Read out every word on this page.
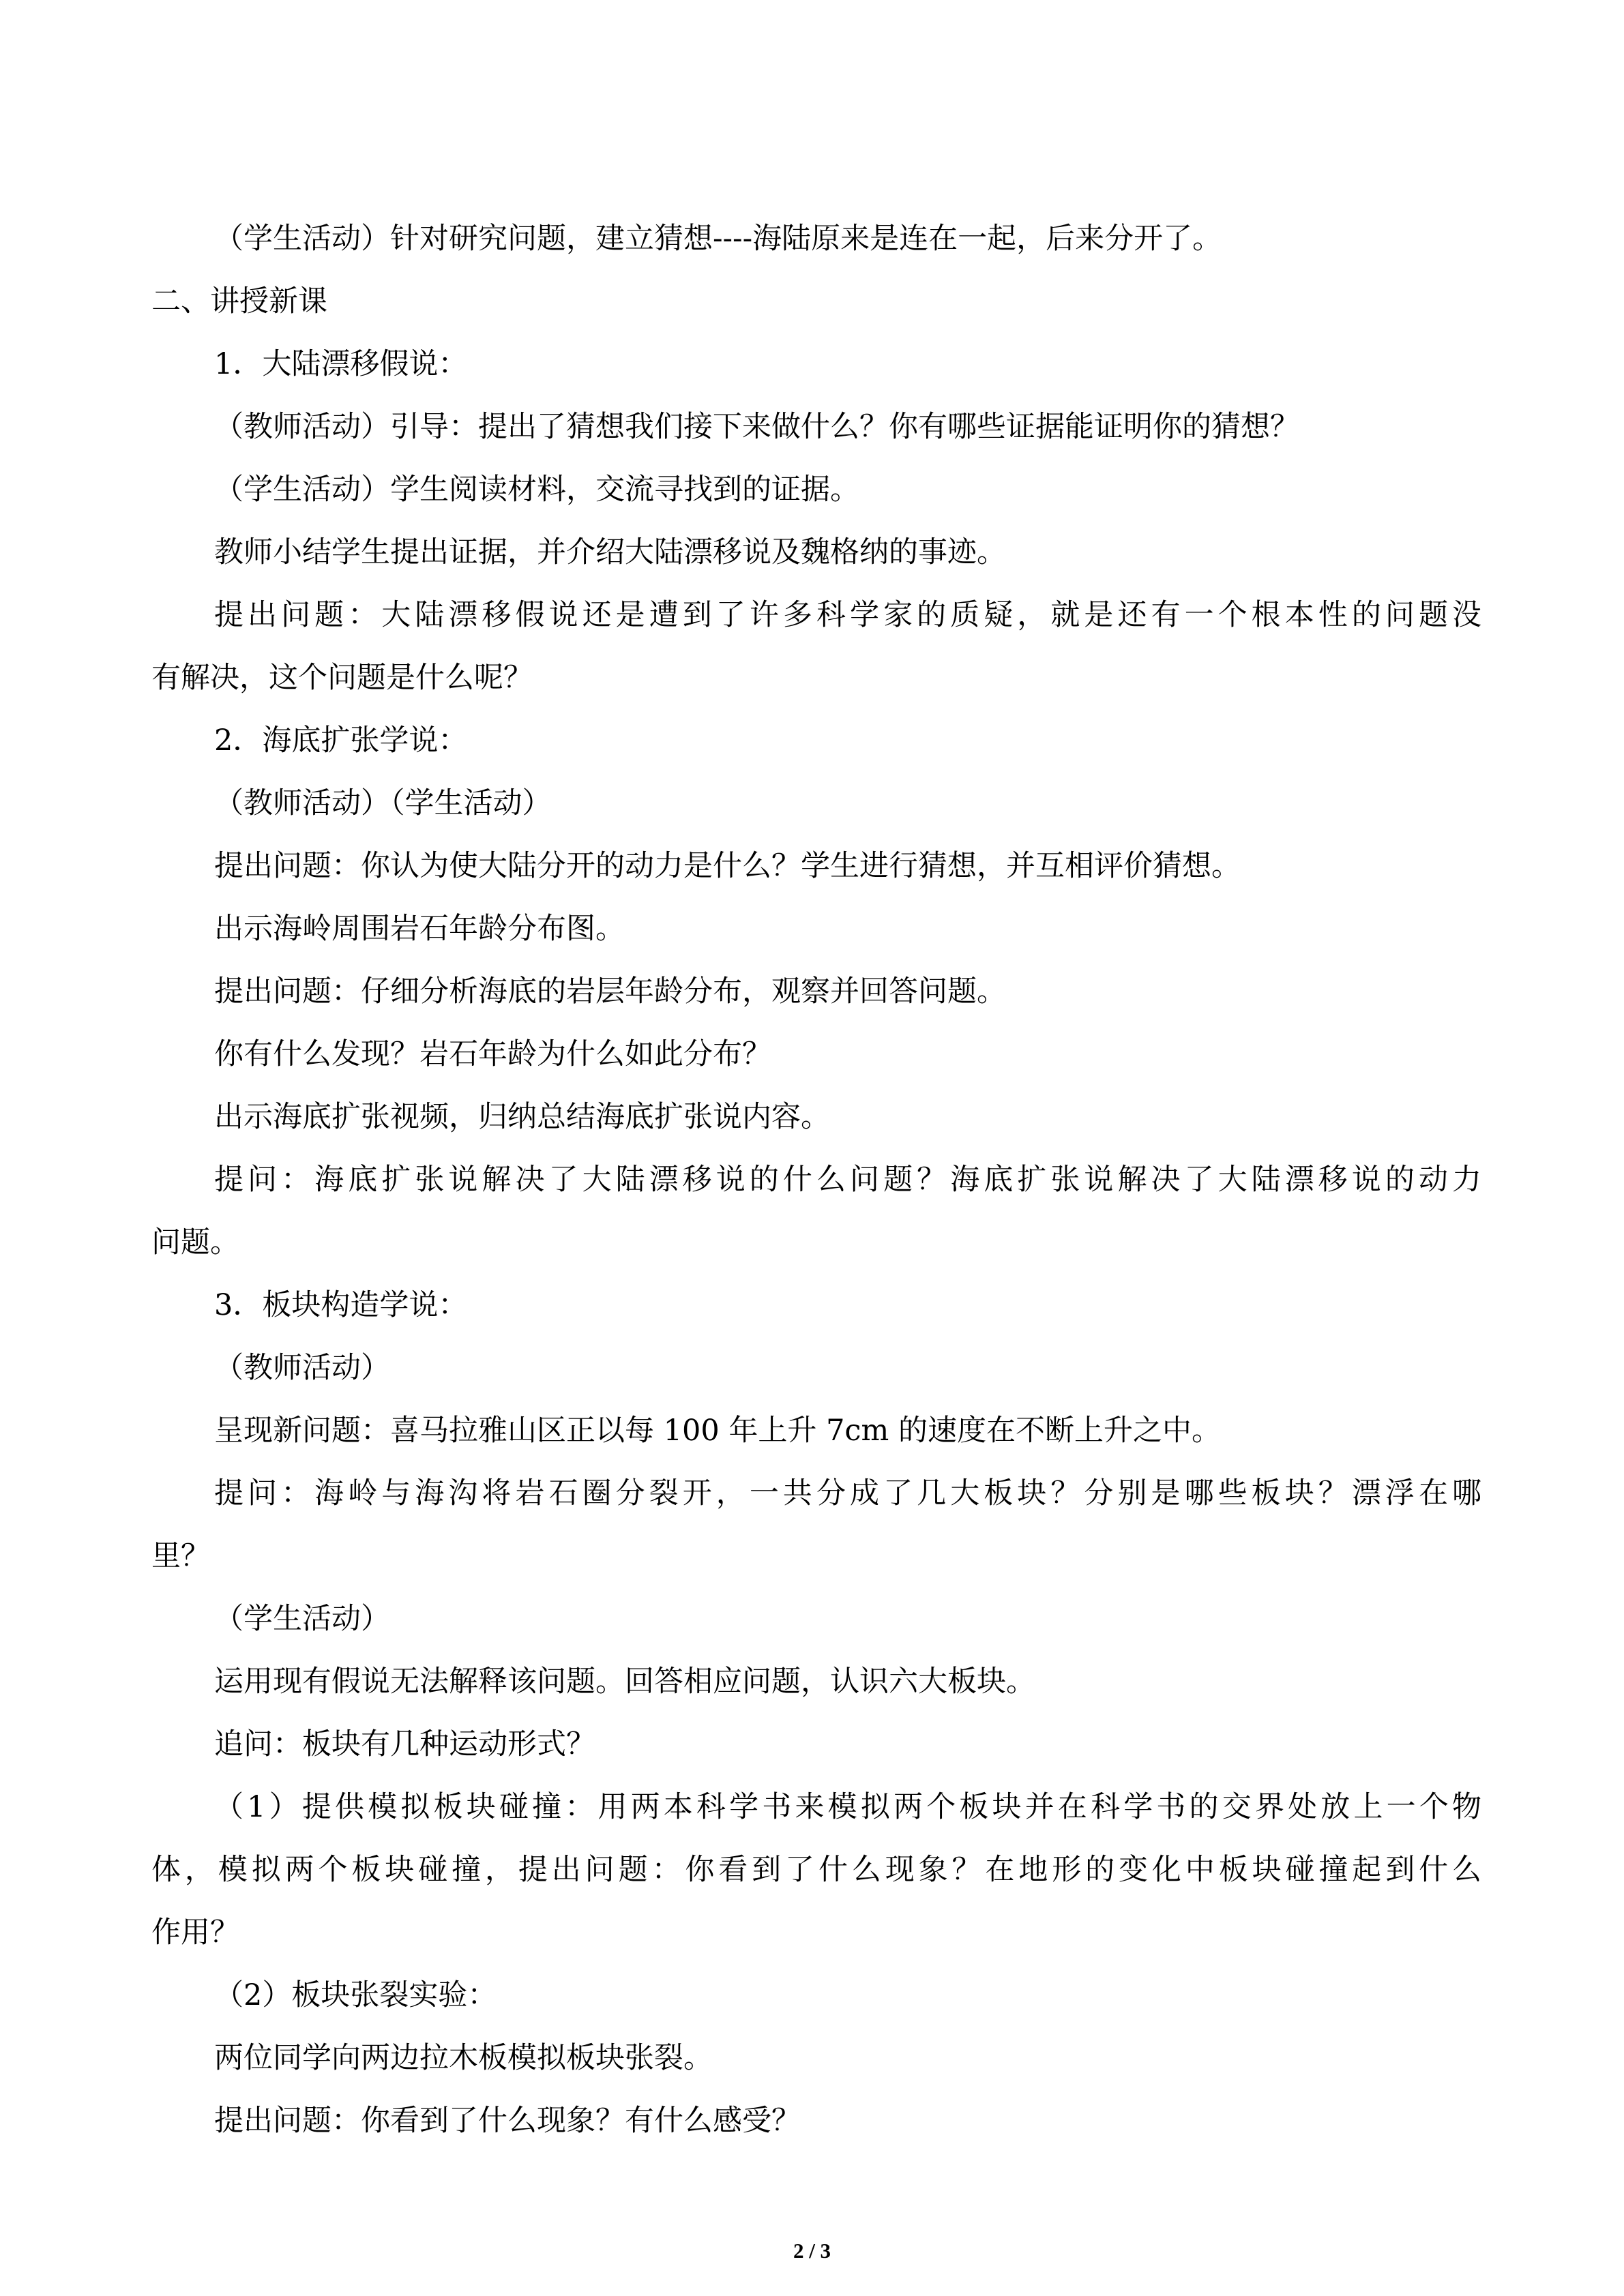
（学生活动）针对研究问题，建立猜想----海陆原来是连在一起，后来分开了。

二、讲授新课

1．大陆漂移假说：

（教师活动）引导：提出了猜想我们接下来做什么？你有哪些证据能证明你的猜想？

（学生活动）学生阅读材料，交流寻找到的证据。

教师小结学生提出证据，并介绍大陆漂移说及魏格纳的事迹。

提出问题：大陆漂移假说还是遭到了许多科学家的质疑，就是还有一个根本性的问题没

有解决，这个问题是什么呢？

2．海底扩张学说：

（教师活动）（学生活动）

提出问题：你认为使大陆分开的动力是什么？学生进行猜想，并互相评价猜想。

出示海岭周围岩石年龄分布图。

提出问题：仔细分析海底的岩层年龄分布，观察并回答问题。

你有什么发现？岩石年龄为什么如此分布？

出示海底扩张视频，归纳总结海底扩张说内容。

提问：海底扩张说解决了大陆漂移说的什么问题？海底扩张说解决了大陆漂移说的动力

问题。

3．板块构造学说：

（教师活动）

呈现新问题：喜马拉雅山区正以每 100 年上升 7cm 的速度在不断上升之中。

提问：海岭与海沟将岩石圈分裂开，一共分成了几大板块？分别是哪些板块？漂浮在哪

里？

（学生活动）

运用现有假说无法解释该问题。回答相应问题，认识六大板块。

追问：板块有几种运动形式？

（1）提供模拟板块碰撞：用两本科学书来模拟两个板块并在科学书的交界处放上一个物

体，模拟两个板块碰撞，提出问题：你看到了什么现象？在地形的变化中板块碰撞起到什么

作用？

（2）板块张裂实验：

两位同学向两边拉木板模拟板块张裂。

提出问题：你看到了什么现象？有什么感受？

2 / 3
